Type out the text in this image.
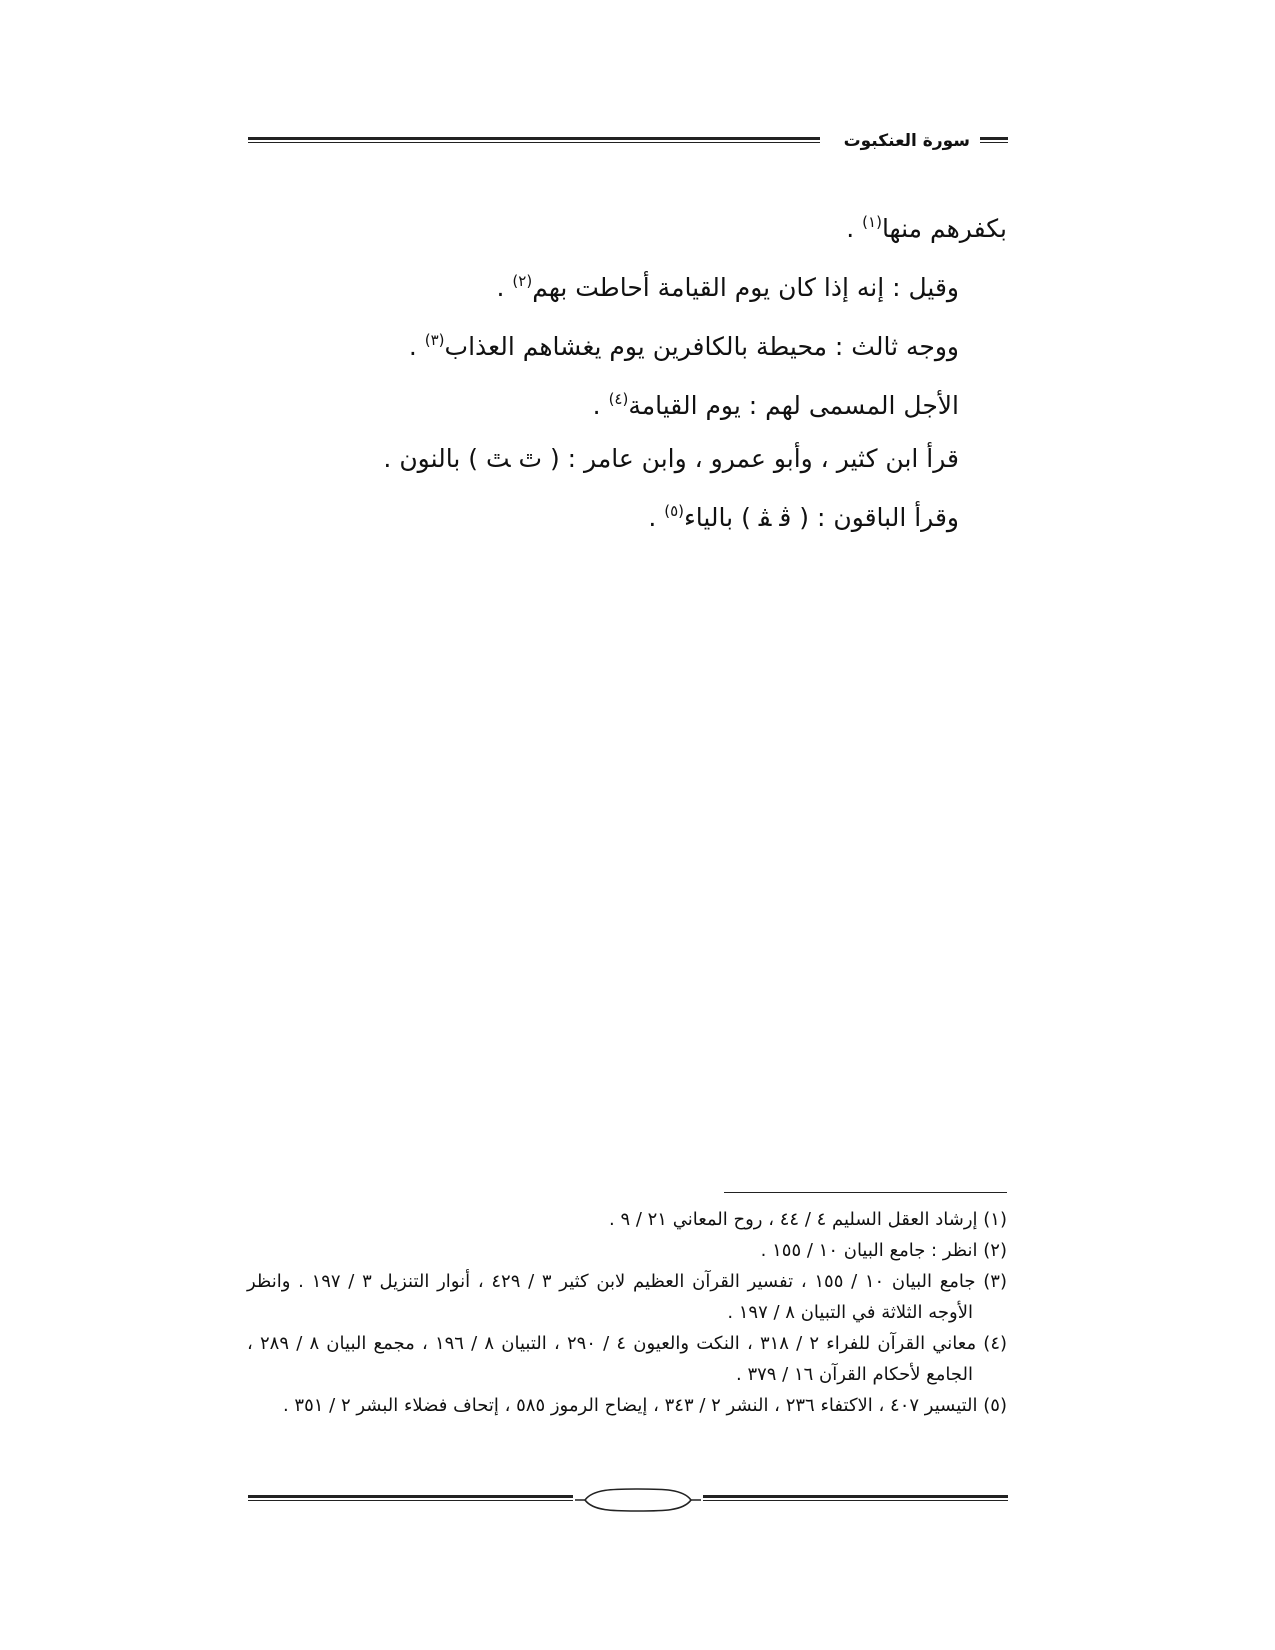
سورة العنكبوت
بكفرهم منها$^{(١)}$ .
وقيل : إنه إذا كان يوم القيامة أحاطت بهم$^{(٢)}$ .
ووجه ثالث : محيطة بالكافرين يوم يغشاهم العذاب$^{(٣)}$ .
الأجل المسمى لهم : يوم القيامة$^{(٤)}$ .
قرأ ابن كثير ، وأبو عمرو ، وابن عامر : ( ﭢ ﭣ ) بالنون .
وقرأ الباقون : ( ﭬ ﭭ ) بالياء$^{(٥)}$ .
(١) إرشاد العقل السليم ٤ / ٤٤ ، روح المعاني ٢١ / ٩ .
(٢) انظر : جامع البيان ١٠ / ١٥٥ .
(٣) جامع البيان ١٠ / ١٥٥ ، تفسير القرآن العظيم لابن كثير ٣ / ٤٢٩ ، أنوار التنزيل ٣ / ١٩٧ . وانظر الأوجه الثلاثة في التبيان ٨ / ١٩٧ .
(٤) معاني القرآن للفراء ٢ / ٣١٨ ، النكت والعيون ٤ / ٢٩٠ ، التبيان ٨ / ١٩٦ ، مجمع البيان ٨ / ٢٨٩ ، الجامع لأحكام القرآن ١٦ / ٣٧٩ .
(٥) التيسير ٤٠٧ ، الاكتفاء ٢٣٦ ، النشر ٢ / ٣٤٣ ، إيضاح الرموز ٥٨٥ ، إتحاف فضلاء البشر ٢ / ٣٥١ .
